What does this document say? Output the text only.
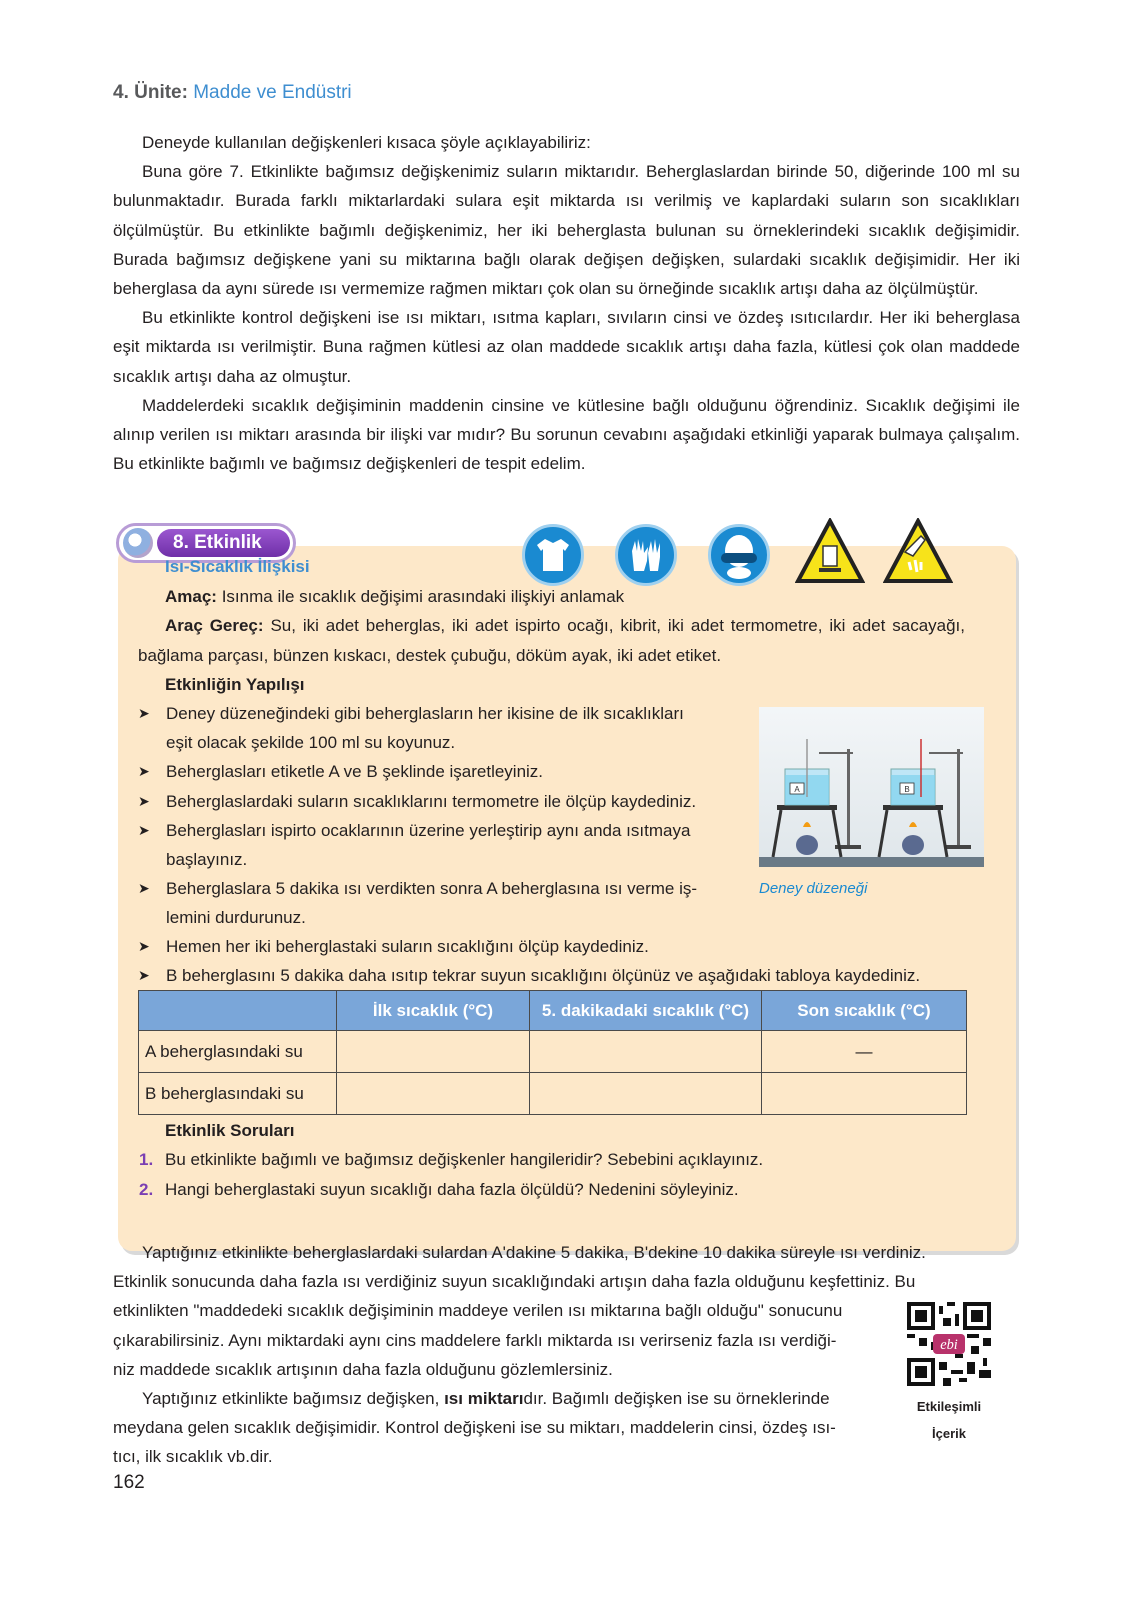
4. Ünite: Madde ve Endüstri

Deneyde kullanılan değişkenleri kısaca şöyle açıklayabiliriz:

Buna göre 7. Etkinlikte bağımsız değişkenimiz suların miktarıdır. Beherglaslardan birinde 50, diğerinde 100 ml su bulunmaktadır. Burada farklı miktarlardaki sulara eşit miktarda ısı verilmiş ve kaplardaki suların son sıcaklıkları ölçülmüştür. Bu etkinlikte bağımlı değişkenimiz, her iki beherglasta bulunan su örneklerindeki sıcaklık değişimidir. Burada bağımsız değişkene yani su miktarına bağlı olarak değişen değişken, sulardaki sıcaklık değişimidir. Her iki beherglasa da aynı sürede ısı vermemize rağmen miktarı çok olan su örneğinde sıcaklık artışı daha az ölçülmüştür.

Bu etkinlikte kontrol değişkeni ise ısı miktarı, ısıtma kapları, sıvıların cinsi ve özdeş ısıtıcılardır. Her iki beherglasa eşit miktarda ısı verilmiştir. Buna rağmen kütlesi az olan maddede sıcaklık artışı daha fazla, kütlesi çok olan maddede sıcaklık artışı daha az olmuştur.

Maddelerdeki sıcaklık değişiminin maddenin cinsine ve kütlesine bağlı olduğunu öğrendiniz. Sıcaklık değişimi ile alınıp verilen ısı miktarı arasında bir ilişki var mıdır? Bu sorunun cevabını aşağıdaki etkinliği yaparak bulmaya çalışalım. Bu etkinlikte bağımlı ve bağımsız değişkenleri de tespit edelim.

8. Etkinlik
Isı-Sıcaklık İlişkisi
Amaç: Isınma ile sıcaklık değişimi arasındaki ilişkiyi anlamak
Araç Gereç: Su, iki adet beherglas, iki adet ispirto ocağı, kibrit, iki adet termometre, iki adet sacayağı, bağlama parçası, bünzen kıskacı, destek çubuğu, döküm ayak, iki adet etiket.
Etkinliğin Yapılışı
➤ Deney düzeneğindeki gibi beherglasların her ikisine de ilk sıcaklıkları
eşit olacak şekilde 100 ml su koyunuz.
➤ Beherglasları etiketle A ve B şeklinde işaretleyiniz.
➤ Beherglaslardaki suların sıcaklıklarını termometre ile ölçüp kaydediniz.
➤ Beherglasları ispirto ocaklarının üzerine yerleştirip aynı anda ısıtmaya
başlayınız.
➤ Beherglaslara 5 dakika ısı verdikten sonra A beherglasına ısı verme iş-
lemini durdurunuz.
➤ Hemen her iki beherglastaki suların sıcaklığını ölçüp kaydediniz.
➤ B beherglasını 5 dakika daha ısıtıp tekrar suyun sıcaklığını ölçünüz ve aşağıdaki tabloya kaydediniz.
A	B
Deney düzeneği
	İlk sıcaklık (°C)	5. dakikadaki sıcaklık (°C)	Son sıcaklık (°C)
A beherglasındaki su			—
B beherglasındaki su			
Etkinlik Soruları
1. Bu etkinlikte bağımlı ve bağımsız değişkenler hangileridir? Sebebini açıklayınız.
2. Hangi beherglastaki suyun sıcaklığı daha fazla ölçüldü? Nedenini söyleyiniz.
Yaptığınız etkinlikte beherglaslardaki sulardan A'dakine 5 dakika, B'dekine 10 dakika süreyle ısı verdiniz.
Etkinlik sonucunda daha fazla ısı verdiğiniz suyun sıcaklığındaki artışın daha fazla olduğunu keşfettiniz. Bu
etkinlikten "maddedeki sıcaklık değişiminin maddeye verilen ısı miktarına bağlı olduğu" sonucunu
çıkarabilirsiniz. Aynı miktardaki aynı cins maddelere farklı miktarda ısı verirseniz fazla ısı verdiği-
niz maddede sıcaklık artışının daha fazla olduğunu gözlemlersiniz.
Yaptığınız etkinlikte bağımsız değişken, ısı miktarıdır. Bağımlı değişken ise su örneklerinde
meydana gelen sıcaklık değişimidir. Kontrol değişkeni ise su miktarı, maddelerin cinsi, özdeş ısı-
tıcı, ilk sıcaklık vb.dir.
ebi
Etkileşimli
İçerik
162
